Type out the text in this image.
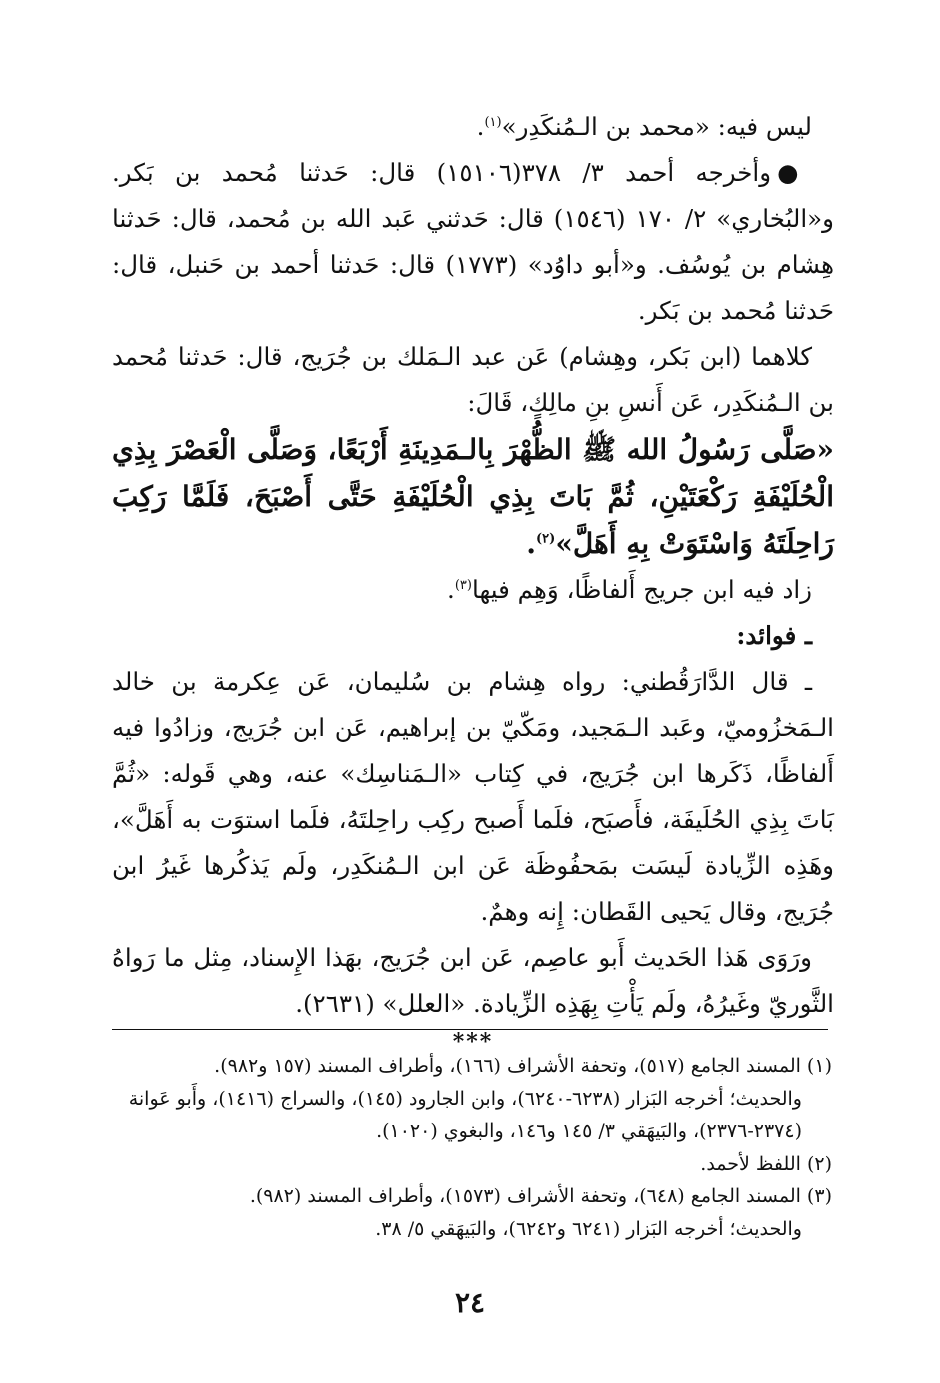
ليس فيه: «محمد بن الـمُنكَدِر»$^{(١)}$.

●وأخرجه أحمد ٣/ ٣٧٨(١٥١٠٦) قال: حَدثنا مُحمد بن بَكر. و«البُخاري» ٢/ ١٧٠ (١٥٤٦) قال: حَدثني عَبد الله بن مُحمد، قال: حَدثنا هِشام بن يُوسُف. و«أبو داوُد» (١٧٧٣) قال: حَدثنا أحمد بن حَنبل، قال: حَدثنا مُحمد بن بَكر.

كلاهما (ابن بَكر، وهِشام) عَن عبد الـمَلك بن جُرَيج، قال: حَدثنا مُحمد بن الـمُنكَدِر، عَن أَنسِ بنِ مالِكٍ، قَالَ:

«صَلَّى رَسُولُ الله ﷺ الظُّهْرَ بِالـمَدِينَةِ أَرْبَعًا، وَصَلَّى الْعَصْرَ بِذِي الْحُلَيْفَةِ رَكْعَتَيْنِ، ثُمَّ بَاتَ بِذِي الْحُلَيْفَةِ حَتَّى أَصْبَحَ، فَلَمَّا رَكِبَ رَاحِلَتَهُ وَاسْتَوَتْ بِهِ أَهَلَّ»$^{(٢)}$.

زاد فيه ابن جريج أَلفاظًا، وَهِم فيها$^{(٣)}$.

ـ فوائد:

ـ قال الدَّارَقُطني: رواه هِشام بن سُليمان، عَن عِكرمة بن خالد الـمَخزُوميّ، وعَبد الـمَجيد، ومَكّيّ بن إبراهيم، عَن ابن جُرَيج، وزادُوا فيه أَلفاظًا، ذَكَرها ابن جُرَيج، في كِتاب «الـمَناسِك» عنه، وهي قَوله: «ثُمَّ بَاتَ بِذِي الحُلَيفَة، فأَصبَح، فلَما أَصبح ركِب راحِلتَهُ، فلَما استوَت به أَهَلَّ»، وهَذِه الزِّيادة لَيسَت بمَحفُوظَة عَن ابن الـمُنكَدِر، ولَم يَذكُرها غَيرُ ابن جُرَيج، وقال يَحيى القَطان: إِنه وهمٌ.

ورَوَى هَذا الحَديث أَبو عاصِم، عَن ابن جُرَيج، بهَذا الإِسناد، مِثل ما رَواهُ الثَّوريّ وغَيرُهُ، ولَم يَأْتِ بِهَذِه الزِّيادة. «العلل» (٢٦٣١).

***

(١) المسند الجامع (٥١٧)، وتحفة الأشراف (١٦٦)، وأطراف المسند (١٥٧ و٩٨٢).

والحديث؛ أخرجه البَزار (٦٢٣٨-٦٢٤٠)، وابن الجارود (١٤٥)، والسراج (١٤١٦)، وأَبو عَوانة (٢٣٧٤-٢٣٧٦)، والبَيهَقي ٣/ ١٤٥ و١٤٦، والبغوي (١٠٢٠).

(٢) اللفظ لأحمد.

(٣) المسند الجامع (٦٤٨)، وتحفة الأشراف (١٥٧٣)، وأطراف المسند (٩٨٢).

والحديث؛ أخرجه البَزار (٦٢٤١ و٦٢٤٢)، والبَيهَقي ٥/ ٣٨.

٢٤
